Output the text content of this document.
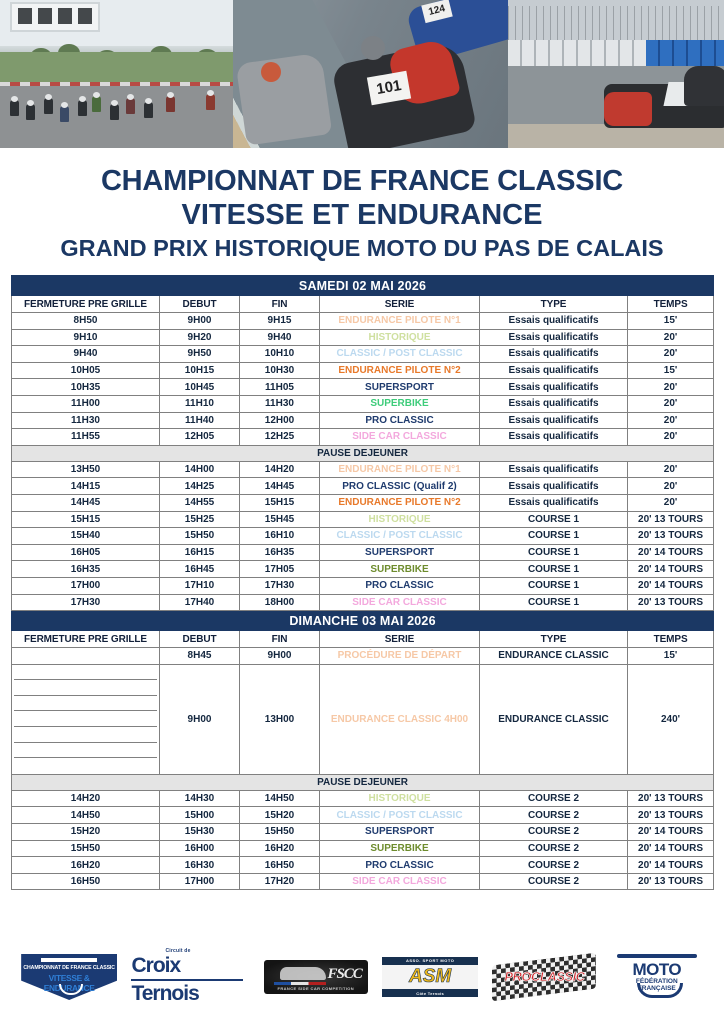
124
101
CHAMPIONNAT DE FRANCE CLASSIC
VITESSE ET ENDURANCE
GRAND PRIX HISTORIQUE MOTO DU PAS DE CALAIS
SAMEDI 02 MAI 2026					
FERMETURE PRE GRILLE	DEBUT	FIN	SERIE	TYPE	TEMPS
8H50	9H00	9H15	ENDURANCE PILOTE N°1	Essais qualificatifs	15'
9H10	9H20	9H40	HISTORIQUE	Essais qualificatifs	20'
9H40	9H50	10H10	CLASSIC / POST CLASSIC	Essais qualificatifs	20'
10H05	10H15	10H30	ENDURANCE PILOTE N°2	Essais qualificatifs	15'
10H35	10H45	11H05	SUPERSPORT	Essais qualificatifs	20'
11H00	11H10	11H30	SUPERBIKE	Essais qualificatifs	20'
11H30	11H40	12H00	PRO CLASSIC	Essais qualificatifs	20'
11H55	12H05	12H25	SIDE CAR CLASSIC	Essais qualificatifs	20'
PAUSE DEJEUNER					
13H50	14H00	14H20	ENDURANCE PILOTE N°1	Essais qualificatifs	20'
14H15	14H25	14H45	PRO CLASSIC (Qualif 2)	Essais qualificatifs	20'
14H45	14H55	15H15	ENDURANCE PILOTE N°2	Essais qualificatifs	20'
15H15	15H25	15H45	HISTORIQUE	COURSE 1	20' 13 TOURS
15H40	15H50	16H10	CLASSIC / POST CLASSIC	COURSE 1	20' 13 TOURS
16H05	16H15	16H35	SUPERSPORT	COURSE 1	20' 14 TOURS
16H35	16H45	17H05	SUPERBIKE	COURSE 1	20' 14 TOURS
17H00	17H10	17H30	PRO CLASSIC	COURSE 1	20' 14 TOURS
17H30	17H40	18H00	SIDE CAR CLASSIC	COURSE 1	20' 13 TOURS
DIMANCHE 03 MAI 2026					
FERMETURE PRE GRILLE	DEBUT	FIN	SERIE	TYPE	TEMPS
	8H45	9H00	PROCÉDURE DE DÉPART	ENDURANCE CLASSIC	15'

	9H00	13H00	ENDURANCE CLASSIC 4H00	ENDURANCE CLASSIC	240'
PAUSE DEJEUNER					
14H20	14H30	14H50	HISTORIQUE	COURSE 2	20' 13 TOURS
14H50	15H00	15H20	CLASSIC / POST CLASSIC	COURSE 2	20' 13 TOURS
15H20	15H30	15H50	SUPERSPORT	COURSE 2	20' 14 TOURS
15H50	16H00	16H20	SUPERBIKE	COURSE 2	20' 14 TOURS
16H20	16H30	16H50	PRO CLASSIC	COURSE 2	20' 14 TOURS
16H50	17H00	17H20	SIDE CAR CLASSIC	COURSE 2	20' 13 TOURS
CHAMPIONNAT DE FRANCE CLASSIC
VITESSE & ENDURANCE
Circuit de
Croix
Ternois
FSCC
FRANCE SIDE CAR COMPETITION
ASSO. SPORT MOTO
ASM
Côte Ternois
PROCLASSIC	MOTO
FÉDÉRATION
FRANÇAISE
